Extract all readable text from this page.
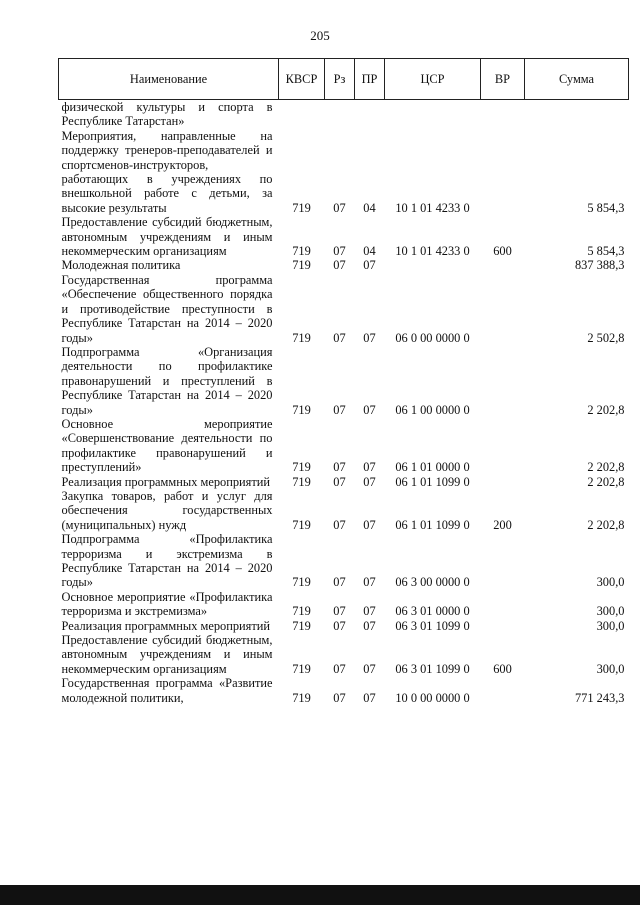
205
Наименование	КВСР	Рз	ПР	ЦСР	ВР	Сумма
физической культуры и спорта в Республике Татарстан»						
Мероприятия, направленные на поддержку тренеров-преподавателей и спортсменов-инструкторов, работающих в учреждениях по внешкольной работе с детьми, за высокие результаты	719	07	04	10 1 01 4233 0		5 854,3
Предоставление субсидий бюджетным, автономным учреждениям и иным некоммерческим организациям	719	07	04	10 1 01 4233 0	600	5 854,3
Молодежная политика	719	07	07			837 388,3
Государственная программа «Обеспечение общественного порядка и противодействие преступности в Республике Татарстан на 2014 – 2020 годы»	719	07	07	06 0 00 0000 0		2 502,8
Подпрограмма «Организация деятельности по профилактике правонарушений и преступлений в Республике Татарстан на 2014 – 2020 годы»	719	07	07	06 1 00 0000 0		2 202,8
Основное мероприятие «Совершенствование деятельности по профилактике правонарушений и преступлений»	719	07	07	06 1 01 0000 0		2 202,8
Реализация программных мероприятий	719	07	07	06 1 01 1099 0		2 202,8
Закупка товаров, работ и услуг для обеспечения государственных (муниципальных) нужд	719	07	07	06 1 01 1099 0	200	2 202,8
Подпрограмма «Профилактика терроризма и экстремизма в Республике Татарстан на 2014 – 2020 годы»	719	07	07	06 3 00 0000 0		300,0
Основное мероприятие «Профилактика терроризма и экстремизма»	719	07	07	06 3 01 0000 0		300,0
Реализация программных мероприятий	719	07	07	06 3 01 1099 0		300,0
Предоставление субсидий бюджетным, автономным учреждениям и иным некоммерческим организациям	719	07	07	06 3 01 1099 0	600	300,0
Государственная программа «Развитие молодежной политики,	719	07	07	10 0 00 0000 0		771 243,3
